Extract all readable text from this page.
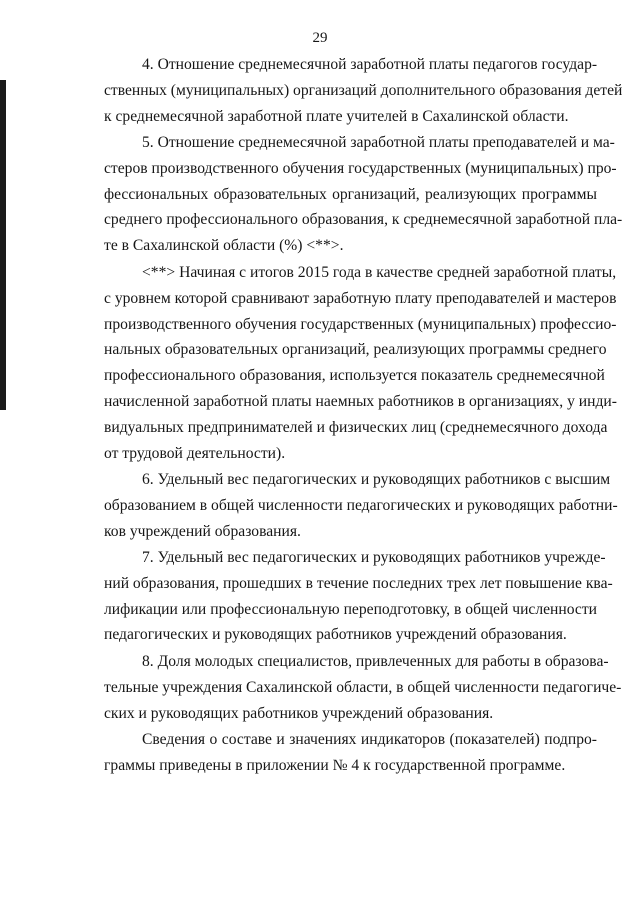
29
4. Отношение среднемесячной заработной платы педагогов государ-
ственных (муниципальных) организаций дополнительного образования детей
к среднемесячной заработной плате учителей в Сахалинской области.
5. Отношение среднемесячной заработной платы преподавателей и ма-
стеров производственного обучения государственных (муниципальных) про-
фессиональных образовательных организаций, реализующих программы
среднего профессионального образования, к среднемесячной заработной пла-
те в Сахалинской области (%) <**>.
<**> Начиная с итогов 2015 года в качестве средней заработной платы,
с уровнем которой сравнивают заработную плату преподавателей и мастеров
производственного обучения государственных (муниципальных) профессио-
нальных образовательных организаций, реализующих программы среднего
профессионального образования, используется показатель среднемесячной
начисленной заработной платы наемных работников в организациях, у инди-
видуальных предпринимателей и физических лиц (среднемесячного дохода
от трудовой деятельности).
6. Удельный вес педагогических и руководящих работников с высшим
образованием в общей численности педагогических и руководящих работни-
ков учреждений образования.
7. Удельный вес педагогических и руководящих работников учрежде-
ний образования, прошедших в течение последних трех лет повышение ква-
лификации или профессиональную переподготовку, в общей численности
педагогических и руководящих работников учреждений образования.
8. Доля молодых специалистов, привлеченных для работы в образова-
тельные учреждения Сахалинской области, в общей численности педагогиче-
ских и руководящих работников учреждений образования.
Сведения о составе и значениях индикаторов (показателей) подпро-
граммы приведены в приложении № 4 к государственной программе.
